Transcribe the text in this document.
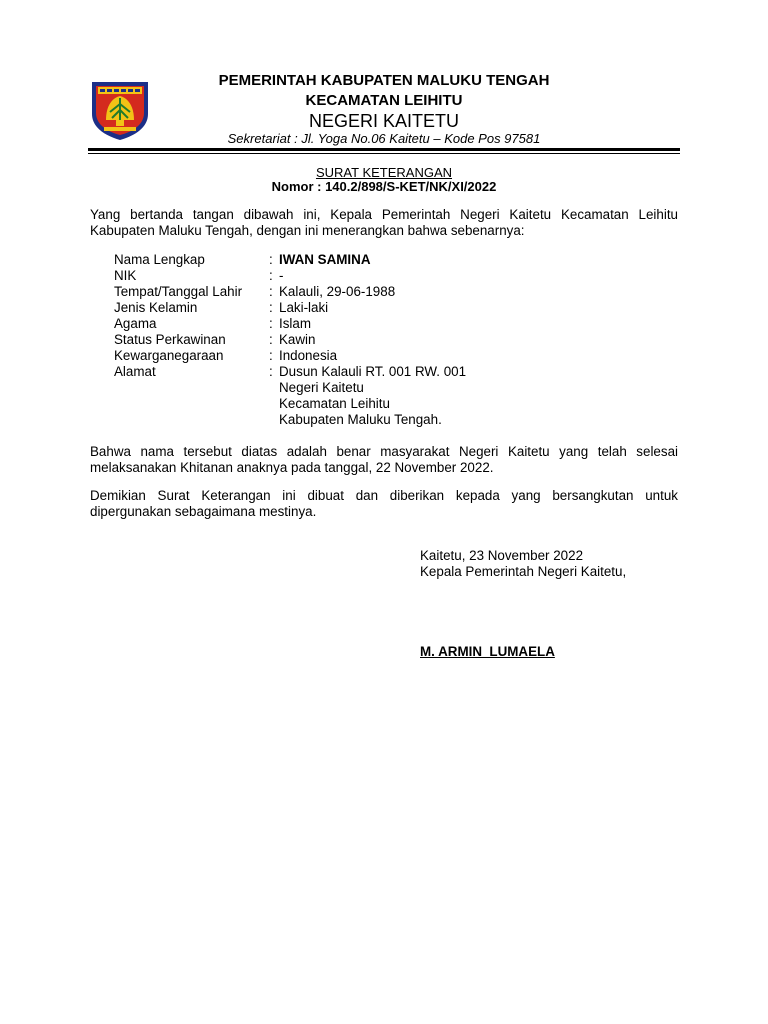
PEMERINTAH KABUPATEN MALUKU TENGAH
KECAMATAN LEIHITU
NEGERI KAITETU
Sekretariat : Jl. Yoga No.06 Kaitetu – Kode Pos 97581
SURAT KETERANGAN
Nomor : 140.2/898/S-KET/NK/XI/2022
Yang bertanda tangan dibawah ini, Kepala Pemerintah Negeri Kaitetu Kecamatan Leihitu Kabupaten Maluku Tengah, dengan ini menerangkan bahwa sebenarnya:
Nama Lengkap	: IWAN SAMINA
NIK	: -
Tempat/Tanggal Lahir	: Kalauli, 29-06-1988
Jenis Kelamin	: Laki-laki
Agama	: Islam
Status Perkawinan	: Kawin
Kewarganegaraan	: Indonesia
Alamat	: Dusun Kalauli RT. 001 RW. 001
Negeri Kaitetu
Kecamatan Leihitu
Kabupaten Maluku Tengah.
Bahwa nama tersebut diatas adalah benar masyarakat Negeri Kaitetu yang telah selesai melaksanakan Khitanan anaknya pada tanggal, 22 November 2022.
Demikian Surat Keterangan ini dibuat dan diberikan kepada yang bersangkutan untuk dipergunakan sebagaimana mestinya.
Kaitetu, 23 November 2022
Kepala Pemerintah Negeri Kaitetu,
M. ARMIN  LUMAELA
